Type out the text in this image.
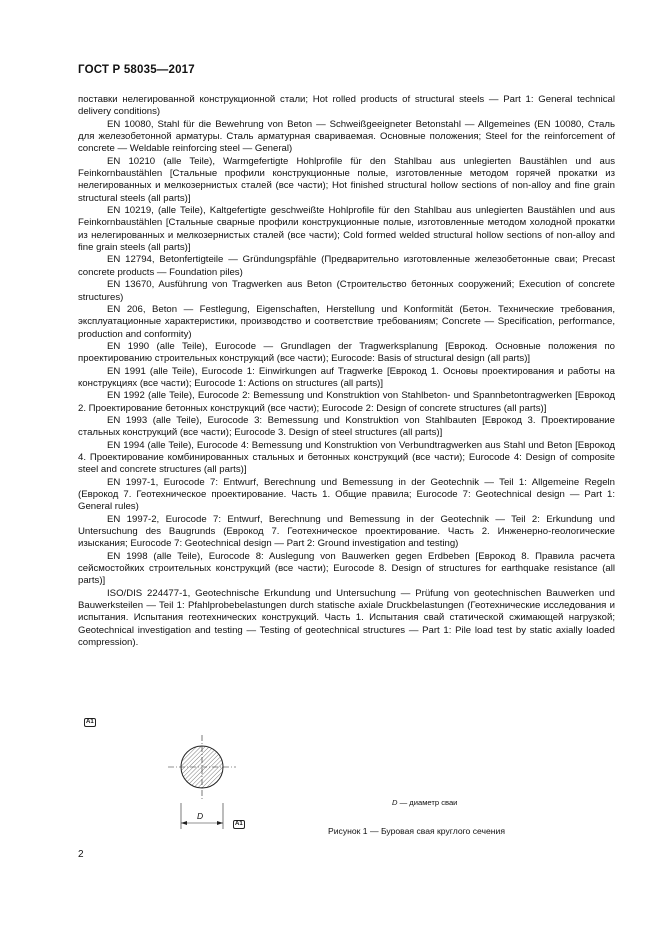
ГОСТ Р 58035—2017

поставки нелегированной конструкционной стали; Hot rolled products of structural steels — Part 1: General technical delivery conditions)

EN 10080, Stahl für die Bewehrung von Beton — Schweißgeeigneter Betonstahl — Allgemeines (EN 10080, Сталь для железобетонной арматуры. Сталь арматурная свариваемая. Основные положения; Steel for the reinforcement of concrete — Weldable reinforcing steel — General)

EN 10210 (alle Teile), Warmgefertigte Hohlprofile für den Stahlbau aus unlegierten Baustählen und aus Feinkornbaustählen [Стальные профили конструкционные полые, изготовленные методом горячей прокатки из нелегированных и мелкозернистых сталей (все части); Hot finished structural hollow sections of non-alloy and fine grain structural steels (all parts)]

EN 10219, (alle Teile), Kaltgefertigte geschweißte Hohlprofile für den Stahlbau aus unlegierten Baustählen und aus Feinkornbaustählen [Стальные сварные профили конструкционные полые, изготовленные методом холодной прокатки из нелегированных и мелкозернистых сталей (все части); Cold formed welded structural hollow sections of non-alloy and fine grain steels (all parts)]

EN 12794, Betonfertigteile — Gründungspfähle (Предварительно изготовленные железобетонные сваи; Precast concrete products — Foundation piles)

EN 13670, Ausführung von Tragwerken aus Beton (Строительство бетонных сооружений; Execution of concrete structures)

EN 206, Beton — Festlegung, Eigenschaften, Herstellung und Konformität (Бетон. Технические требования, эксплуатационные характеристики, производство и соответствие требованиям; Concrete — Specification, performance, production and conformity)

EN 1990 (alle Teile), Eurocode — Grundlagen der Tragwerksplanung [Еврокод. Основные положения по проектированию строительных конструкций (все части); Eurocode: Basis of structural design (all parts)]

EN 1991 (alle Teile), Eurocode 1: Einwirkungen auf Tragwerke [Еврокод 1. Основы проектирования и работы на конструкциях (все части); Eurocode 1: Actions on structures (all parts)]

EN 1992 (alle Teile), Eurocode 2: Bemessung und Konstruktion von Stahlbeton- und Spannbetontragwerken [Еврокод 2. Проектирование бетонных конструкций (все части); Eurocode 2: Design of concrete structures (all parts)]

EN 1993 (alle Teile), Eurocode 3: Bemessung und Konstruktion von Stahlbauten [Еврокод 3. Проектирование стальных конструкций (все части); Eurocode 3. Design of steel structures (all parts)]

EN 1994 (alle Teile), Eurocode 4: Bemessung und Konstruktion von Verbundtragwerken aus Stahl und Beton [Еврокод 4. Проектирование комбинированных стальных и бетонных конструкций (все части); Eurocode 4: Design of composite steel and concrete structures (all parts)]

EN 1997-1, Eurocode 7: Entwurf, Berechnung und Bemessung in der Geotechnik — Teil 1: Allgemeine Regeln (Еврокод 7. Геотехническое проектирование. Часть 1. Общие правила; Eurocode 7: Geotechnical design — Part 1: General rules)

EN 1997-2, Eurocode 7: Entwurf, Berechnung und Bemessung in der Geotechnik — Teil 2: Erkundung und Untersuchung des Baugrunds (Еврокод 7. Геотехническое проектирование. Часть 2. Инженерно-геологические изыскания; Eurocode 7: Geotechnical design — Part 2: Ground investigation and testing)

EN 1998 (alle Teile), Eurocode 8: Auslegung von Bauwerken gegen Erdbeben [Еврокод 8. Правила расчета сейсмостойких строительных конструкций (все части); Eurocode 8. Design of structures for earthquake resistance (all parts)]

ISO/DIS 224477-1, Geotechnische Erkundung und Untersuchung — Prüfung von geotechnischen Bauwerken und Bauwerksteilen — Teil 1: Pfahlprobebelastungen durch statische axiale Druckbelastungen (Геотехнические исследования и испытания. Испытания геотехнических конструкций. Часть 1. Испытания свай статической сжимающей нагрузкой; Geotechnical investigation and testing — Testing of geotechnical structures — Part 1: Pile load test by static axially loaded compression).

A1
D
A1
D — диаметр сваи
Рисунок 1 — Буровая свая круглого сечения
2
